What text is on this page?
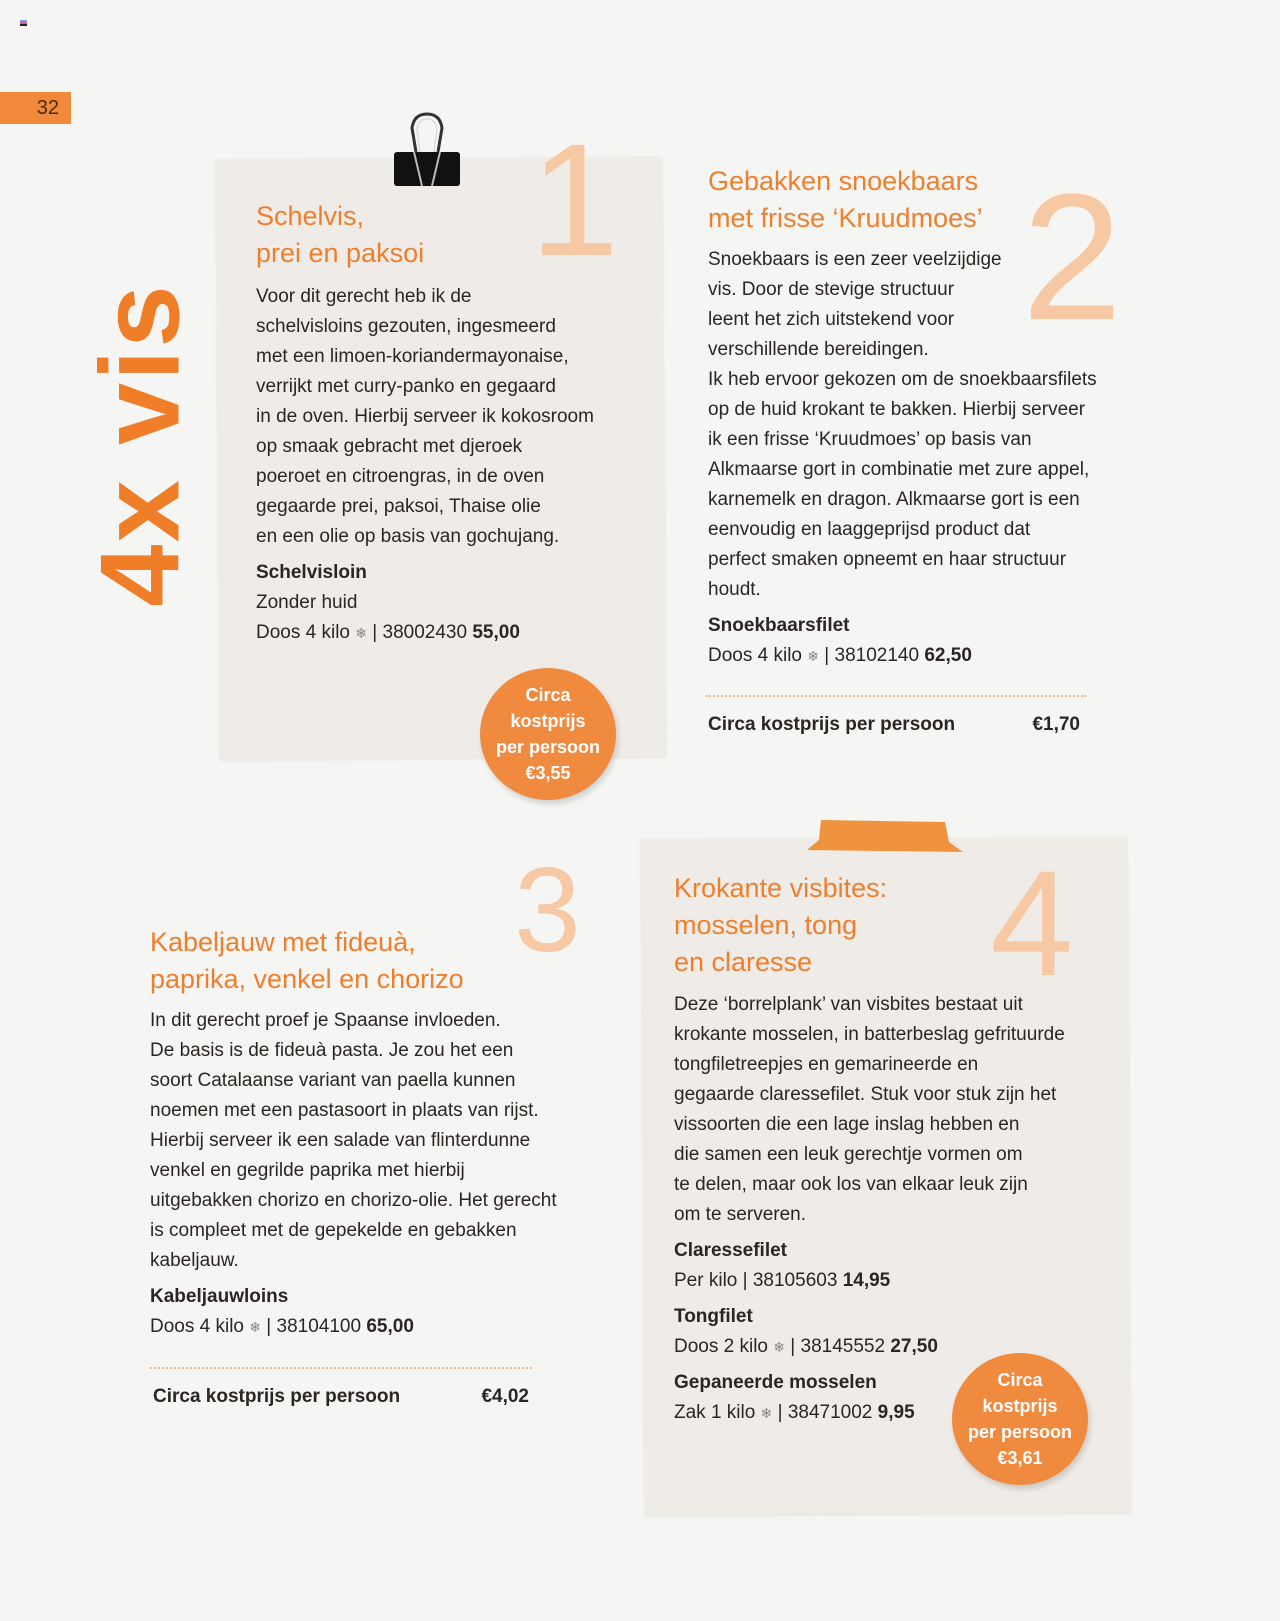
32
4x vis
1
Schelvis,
prei en paksoi
Voor dit gerecht heb ik de
schelvisloins gezouten, ingesmeerd
met een limoen-koriandermayonaise,
verrijkt met curry-panko en gegaard
in de oven. Hierbij serveer ik kokosroom
op smaak gebracht met djeroek
poeroet en citroengras, in de oven
gegaarde prei, paksoi, Thaise olie
en een olie op basis van gochujang.
Schelvisloin
Zonder huid
Doos 4 kilo ❄ | 38002430 55,00
Circa
kostprijs
per persoon
€3,55
2
Gebakken snoekbaars
met frisse ‘Kruudmoes’
Snoekbaars is een zeer veelzijdige
vis. Door de stevige structuur
leent het zich uitstekend voor
verschillende bereidingen.
Ik heb ervoor gekozen om de snoekbaarsfilets
op de huid krokant te bakken. Hierbij serveer
ik een frisse ‘Kruudmoes’ op basis van
Alkmaarse gort in combinatie met zure appel,
karnemelk en dragon. Alkmaarse gort is een
eenvoudig en laaggeprijsd product dat
perfect smaken opneemt en haar structuur
houdt.
Snoekbaarsfilet
Doos 4 kilo ❄ | 38102140 62,50
Circa kostprijs per persoon	€1,70
3
Kabeljauw met fideuà,
paprika, venkel en chorizo
In dit gerecht proef je Spaanse invloeden.
De basis is de fideuà pasta. Je zou het een
soort Catalaanse variant van paella kunnen
noemen met een pastasoort in plaats van rijst.
Hierbij serveer ik een salade van flinterdunne
venkel en gegrilde paprika met hierbij
uitgebakken chorizo en chorizo-olie. Het gerecht
is compleet met de gepekelde en gebakken
kabeljauw.
Kabeljauwloins
Doos 4 kilo ❄ | 38104100 65,00
Circa kostprijs per persoon	€4,02
4
Krokante visbites:
mosselen, tong
en claresse
Deze ‘borrelplank’ van visbites bestaat uit
krokante mosselen, in batterbeslag gefrituurde
tongfiletreepjes en gemarineerde en
gegaarde claressefilet. Stuk voor stuk zijn het
vissoorten die een lage inslag hebben en
die samen een leuk gerechtje vormen om
te delen, maar ook los van elkaar leuk zijn
om te serveren.
Claressefilet
Per kilo | 38105603 14,95
Tongfilet
Doos 2 kilo ❄ | 38145552 27,50
Gepaneerde mosselen
Zak 1 kilo ❄ | 38471002 9,95
Circa
kostprijs
per persoon
€3,61
